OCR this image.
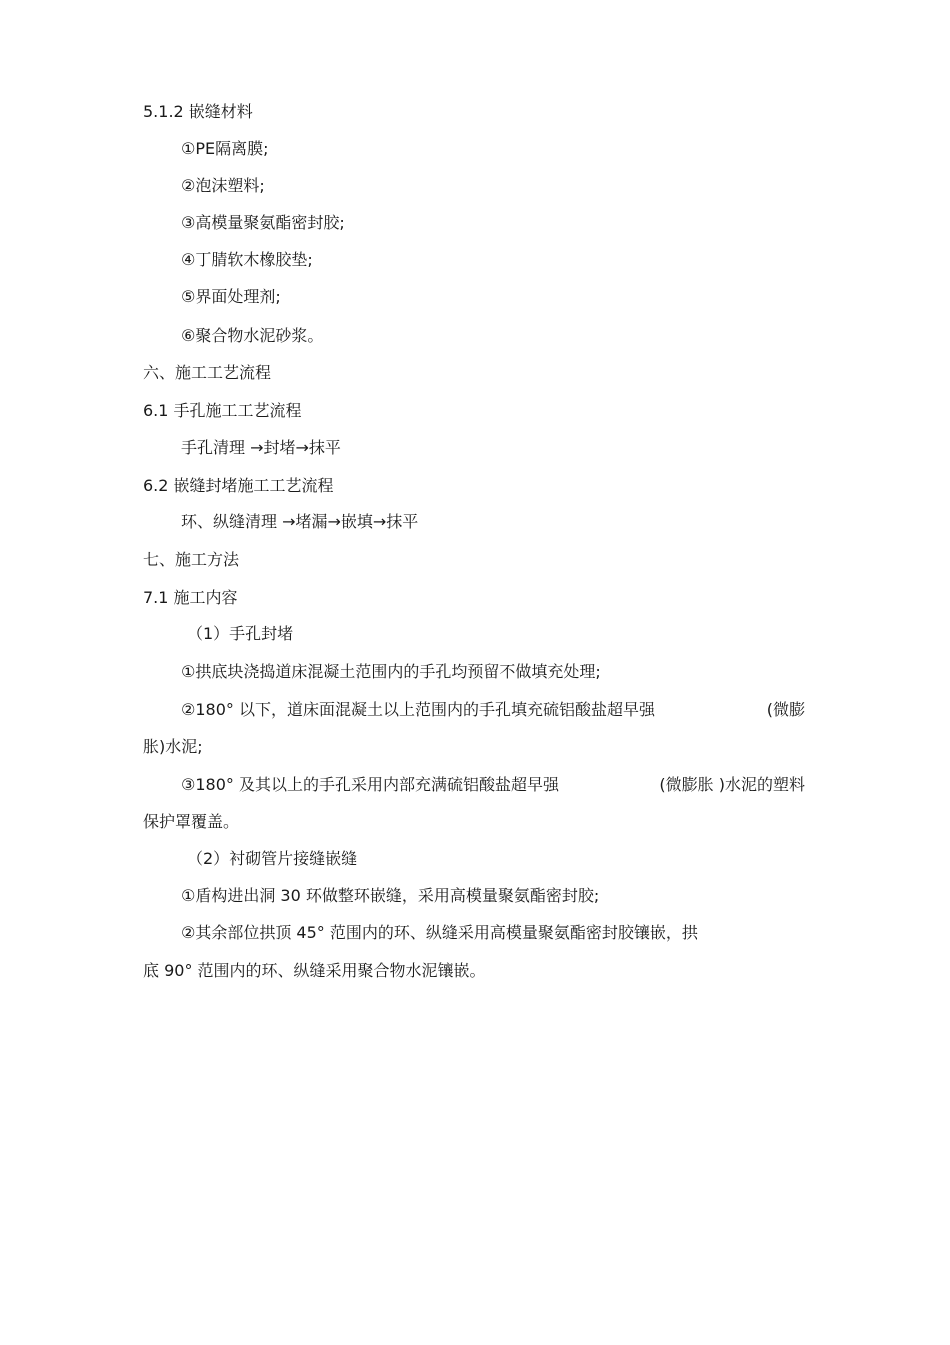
5.1.2 嵌缝材料

①PE隔离膜;

②泡沫塑料;

③高模量聚氨酯密封胶;

④丁腈软木橡胶垫;

⑤界面处理剂;

⑥聚合物水泥砂浆。

六、施工工艺流程

6.1 手孔施工工艺流程

手孔清理 →封堵→抹平

6.2 嵌缝封堵施工工艺流程

环、纵缝清理 →堵漏→嵌填→抹平

七、施工方法

7.1 施工内容

（1）手孔封堵

①拱底块浇捣道床混凝土范围内的手孔均预留不做填充处理;

②180° 以下，道床面混凝土以上范围内的手孔填充硫铝酸盐超早强	(微膨

胀)水泥;

③180° 及其以上的手孔采用内部充满硫铝酸盐超早强	(微膨胀 )水泥的塑料

保护罩覆盖。

（2）衬砌管片接缝嵌缝

①盾构进出洞 30 环做整环嵌缝，采用高模量聚氨酯密封胶;

②其余部位拱顶 45° 范围内的环、纵缝采用高模量聚氨酯密封胶镶嵌，拱

底 90° 范围内的环、纵缝采用聚合物水泥镶嵌。
